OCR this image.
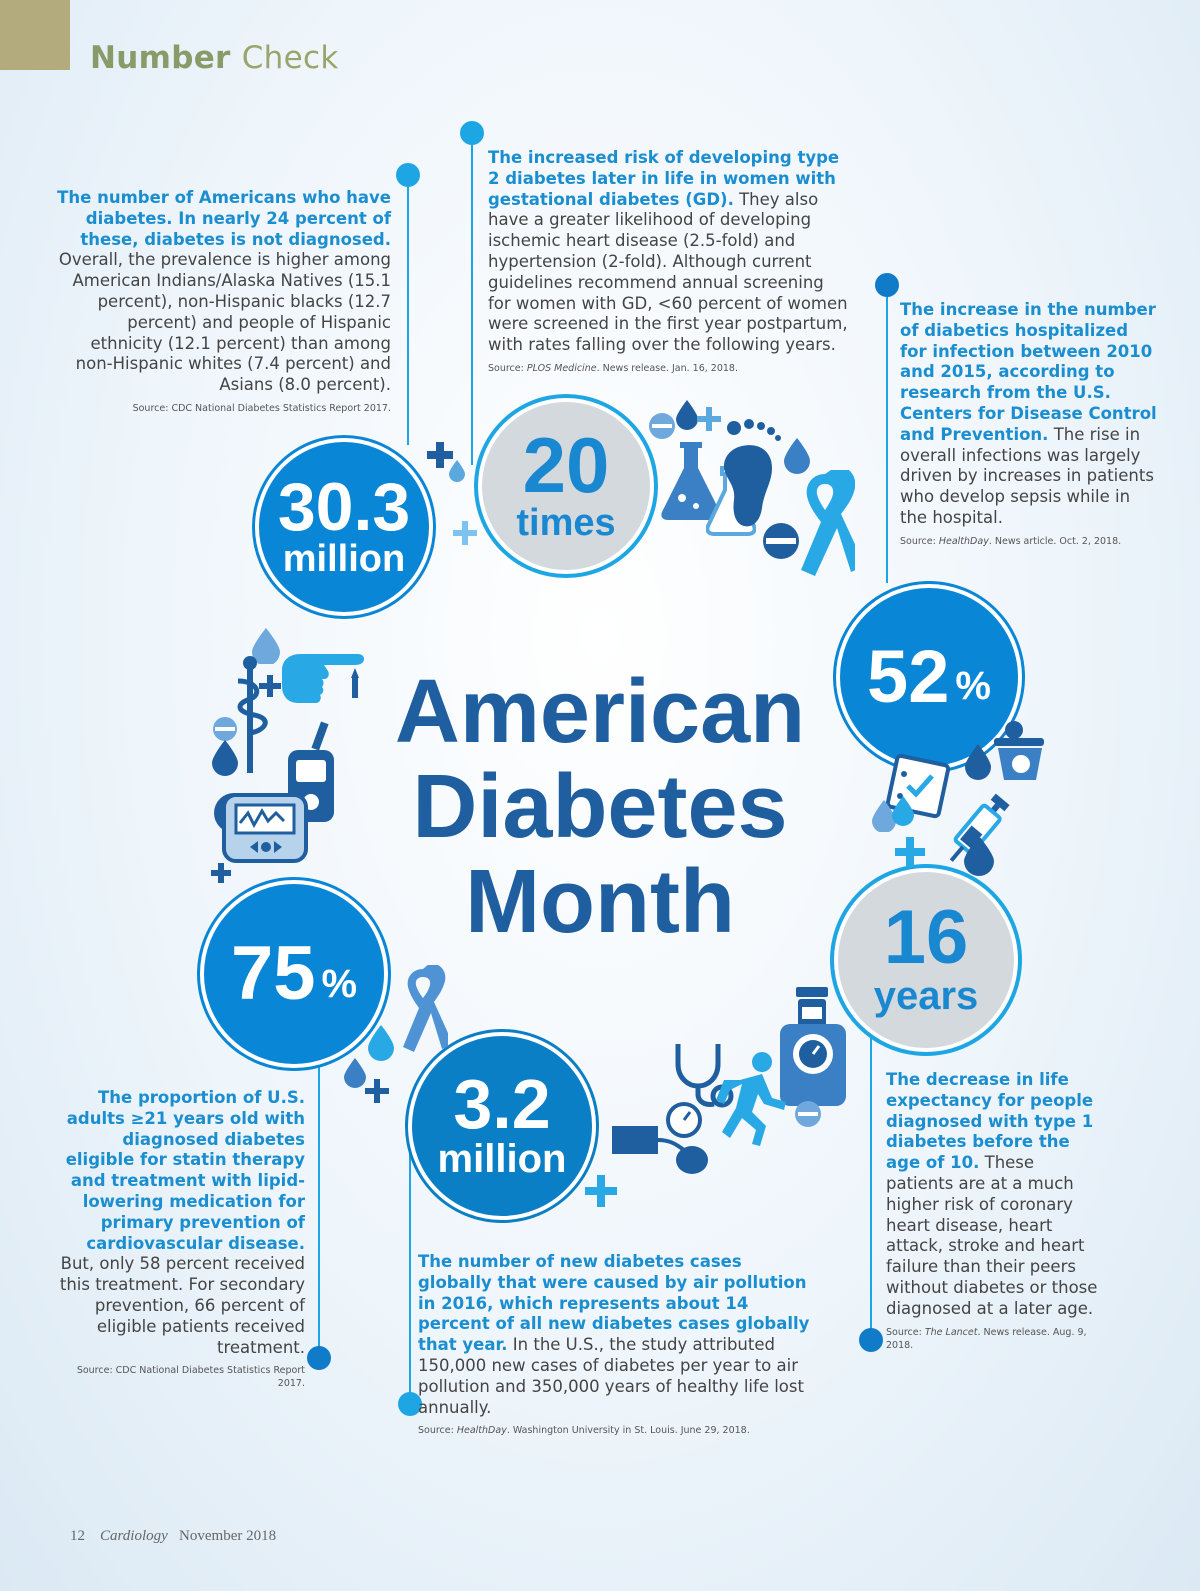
Number Check
The number of Americans who have diabetes. In nearly 24 percent of these, diabetes is not diagnosed. Overall, the prevalence is higher among American Indians/Alaska Natives (15.1 percent), non-Hispanic blacks (12.7 percent) and people of Hispanic ethnicity (12.1 percent) than among non-Hispanic whites (7.4 percent) and Asians (8.0 percent).
Source: CDC National Diabetes Statistics Report 2017.
The increased risk of developing type 2 diabetes later in life in women with gestational diabetes (GD). They also have a greater likelihood of developing ischemic heart disease (2.5-fold) and hypertension (2-fold). Although current guidelines recommend annual screening for women with GD, <60 percent of women were screened in the first year postpartum, with rates falling over the following years.
Source: PLOS Medicine. News release. Jan. 16, 2018.
The increase in the number of diabetics hospitalized for infection between 2010 and 2015, according to research from the U.S. Centers for Disease Control and Prevention. The rise in overall infections was largely driven by increases in patients who develop sepsis while in the hospital.
Source: HealthDay. News article. Oct. 2, 2018.
The decrease in life expectancy for people diagnosed with type 1 diabetes before the age of 10. These patients are at a much higher risk of coronary heart disease, heart attack, stroke and heart failure than their peers without diabetes or those diagnosed at a later age.
Source: The Lancet. News release. Aug. 9, 2018.
The number of new diabetes cases globally that were caused by air pollution in 2016, which represents about 14 percent of all new diabetes cases globally that year. In the U.S., the study attributed 150,000 new cases of diabetes per year to air pollution and 350,000 years of healthy life lost annually.
Source: HealthDay. Washington University in St. Louis. June 29, 2018.
The proportion of U.S. adults ≥21 years old with diagnosed diabetes eligible for statin therapy and treatment with lipid-lowering medication for primary prevention of cardiovascular disease. But, only 58 percent received this treatment. For secondary prevention, 66 percent of eligible patients received treatment.
Source: CDC National Diabetes Statistics Report 2017.
30.3
million
20
times
52 %
16
years
3.2
million
75 %
American
Diabetes
Month
12 Cardiology November 2018
